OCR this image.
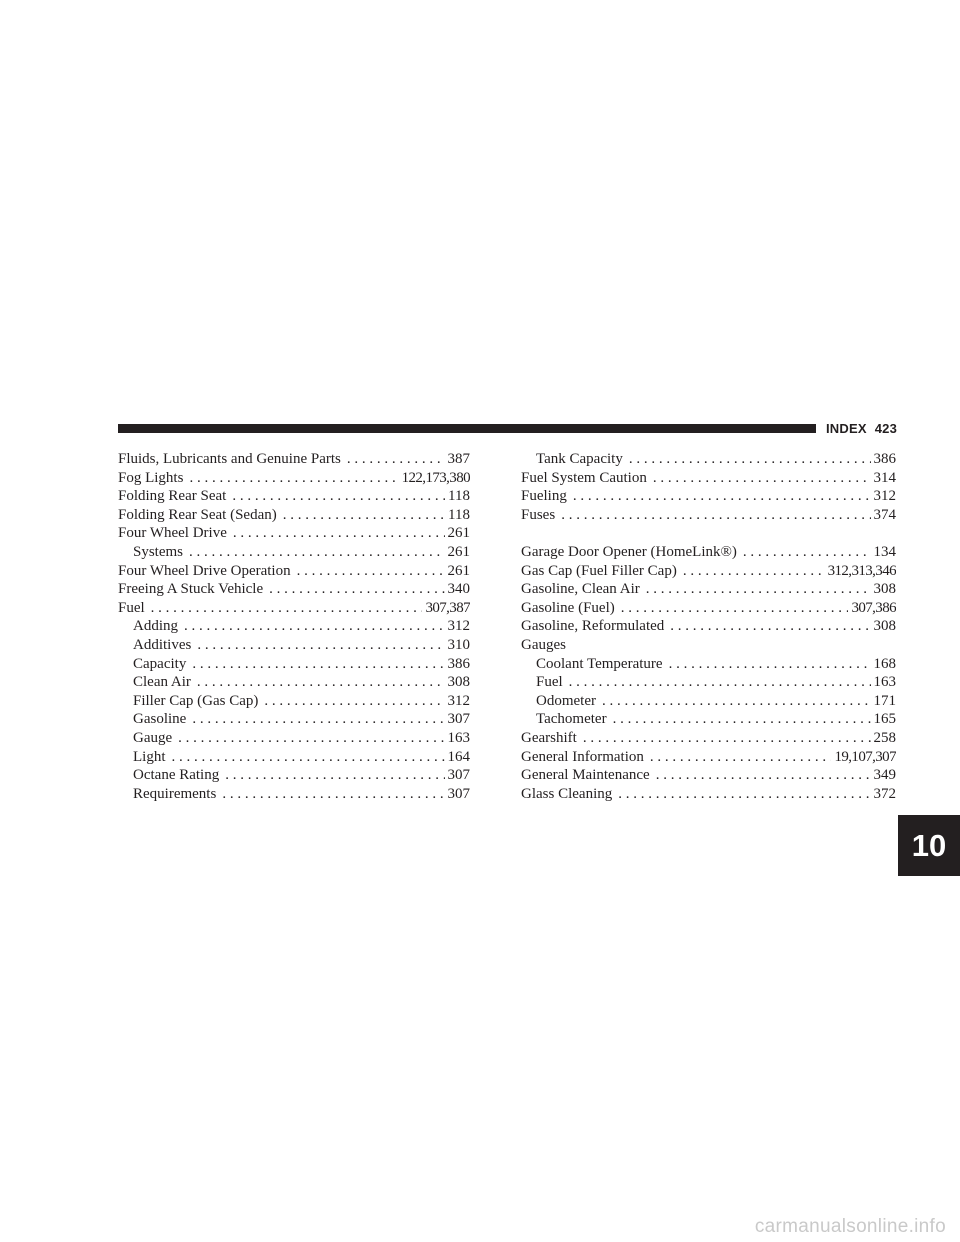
INDEX 423
Fluids, Lubricants and Genuine Parts . . .	387
Fog Lights . . .	122,173,380
Folding Rear Seat . . .	118
Folding Rear Seat (Sedan) . . .	118
Four Wheel Drive . . .	261
Systems . . .	261
Four Wheel Drive Operation . . .	261
Freeing A Stuck Vehicle . . .	340
Fuel . . .	307,387
Adding . . .	312
Additives . . .	310
Capacity . . .	386
Clean Air . . .	308
Filler Cap (Gas Cap) . . .	312
Gasoline . . .	307
Gauge . . .	163
Light . . .	164
Octane Rating . . .	307
Requirements . . .	307
Tank Capacity . . .	386
Fuel System Caution . . .	314
Fueling . . .	312
Fuses . . .	374
Garage Door Opener (HomeLink®) . . .	134
Gas Cap (Fuel Filler Cap) . . .	312,313,346
Gasoline, Clean Air . . .	308
Gasoline (Fuel) . . .	307,386
Gasoline, Reformulated . . .	308
Gauges
Coolant Temperature . . .	168
Fuel . . .	163
Odometer . . .	171
Tachometer . . .	165
Gearshift . . .	258
General Information . . .	19,107,307
General Maintenance . . .	349
Glass Cleaning . . .	372
10
carmanualsonline.info
